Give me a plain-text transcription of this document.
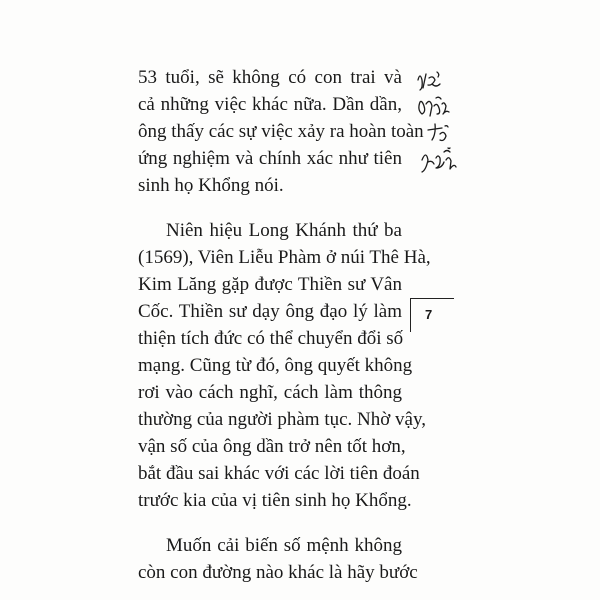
53 tuổi, sẽ không có con trai và
cả những việc khác nữa. Dần dần,
ông thấy các sự việc xảy ra hoàn toàn
ứng nghiệm và chính xác như tiên
sinh họ Khổng nói.
Niên hiệu Long Khánh thứ ba
(1569), Viên Liễu Phàm ở núi Thê Hà,
Kim Lăng gặp được Thiền sư Vân
Cốc. Thiền sư dạy ông đạo lý làm
thiện tích đức có thể chuyển đổi số
mạng. Cũng từ đó, ông quyết không
rơi vào cách nghĩ, cách làm thông
thường của người phàm tục. Nhờ vậy,
vận số của ông dần trở nên tốt hơn,
bắt đầu sai khác với các lời tiên đoán
trước kia của vị tiên sinh họ Khổng.
Muốn cải biến số mệnh không
còn con đường nào khác là hãy bước
7
